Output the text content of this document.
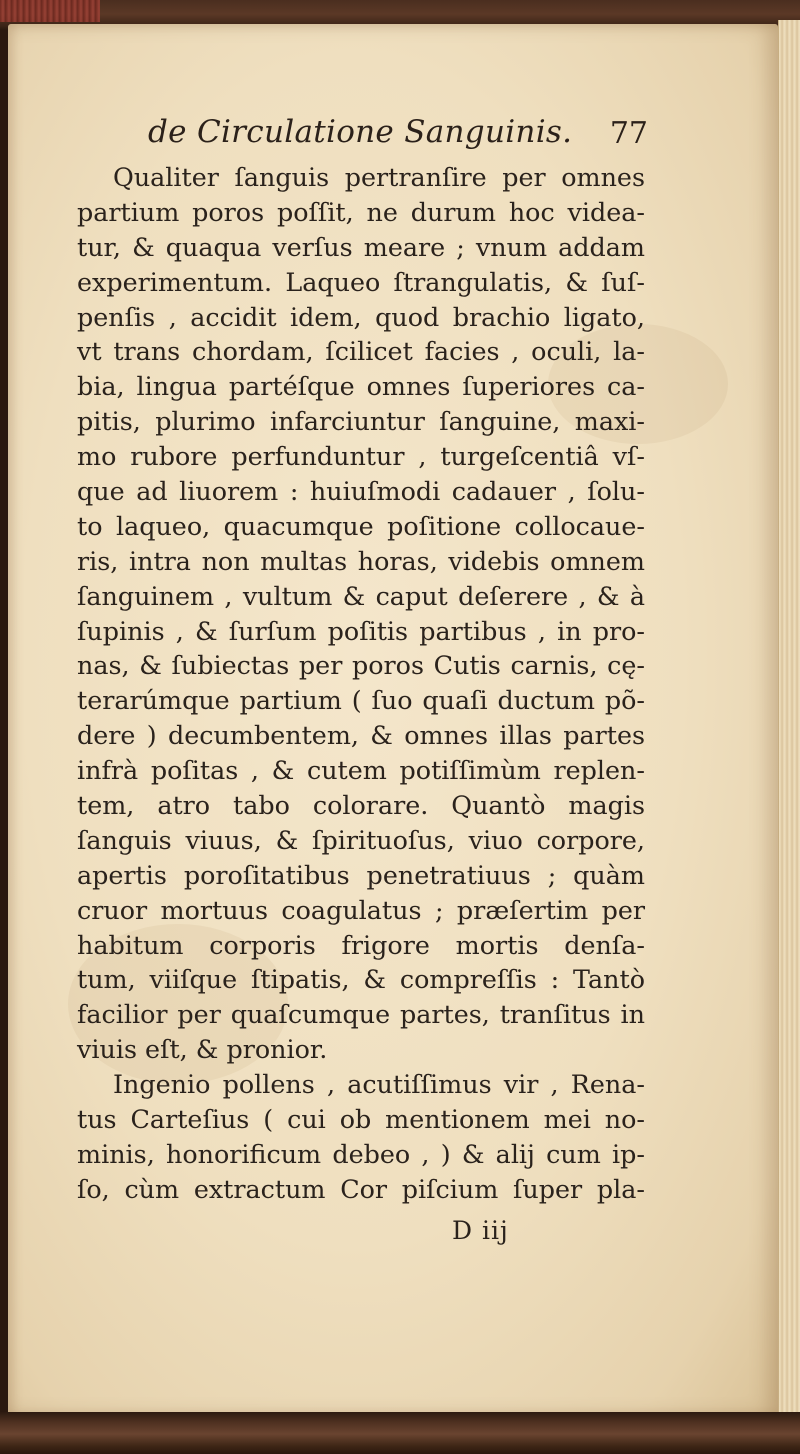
de Circulatione Sanguinis. 77
Qualiter ſanguis pertranſire per omnes
partium poros poſſit, ne durum hoc videa-
tur, & quaqua verſus meare ; vnum addam
experimentum. Laqueo ſtrangulatis, & ſuſ-
penſis , accidit idem, quod brachio ligato,
vt trans chordam, ſcilicet facies , oculi, la-
bia, lingua partéſque omnes ſuperiores ca-
pitis, plurimo infarciuntur ſanguine, maxi-
mo rubore perfunduntur , turgeſcentiâ vſ-
que ad liuorem : huiuſmodi cadauer , ſolu-
to laqueo, quacumque poſitione collocaue-
ris, intra non multas horas, videbis omnem
ſanguinem , vultum & caput deſerere , & à
ſupinis , & ſurſum poſitis partibus , in pro-
nas, & ſubiectas per poros Cutis carnis, cę-
terarúmque partium ( ſuo quaſi ductum põ-
dere ) decumbentem, & omnes illas partes
infrà poſitas , & cutem potiſſimùm replen-
tem, atro tabo colorare. Quantò magis
ſanguis viuus, & ſpirituoſus, viuo corpore,
apertis poroſitatibus penetratiuus ; quàm
cruor mortuus coagulatus ; præſertim per
habitum corporis frigore mortis denſa-
tum, viiſque ſtipatis, & compreſſis : Tantò
facilior per quaſcumque partes, tranſitus in
viuis eſt, & pronior.
Ingenio pollens , acutiſſimus vir , Rena-
tus Carteſius ( cui ob mentionem mei no-
minis, honorificum debeo , ) & alij cum ip-
ſo, cùm extractum Cor piſcium ſuper pla-
D iij
